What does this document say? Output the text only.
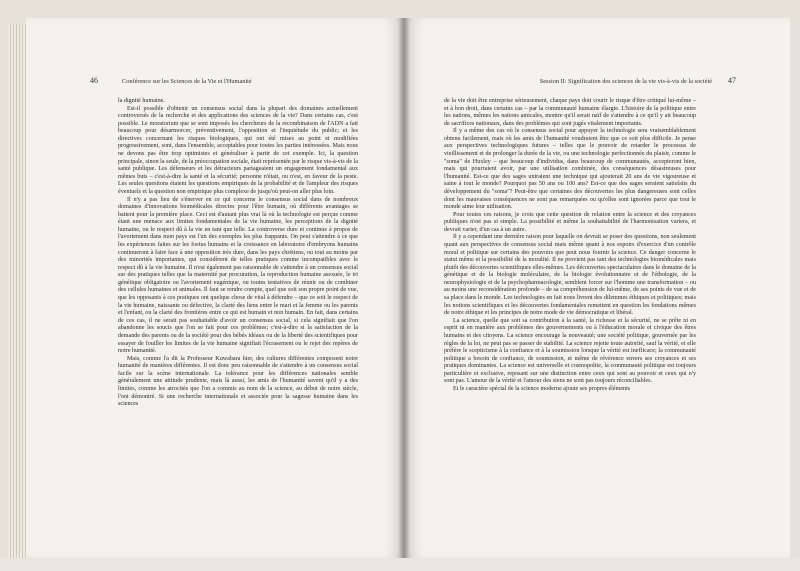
46	Conférence sur les Sciences de la Vie et l'Humanité

la dignité humaine.

Est-il possible d'obtenir un consensus social dans la plupart des domaines actuellement controversés de la recherche et des applications des sciences de la vie? Dans certains cas, c'est possible. Le moratorium que se sont imposés les chercheurs de la recombinaison de l'ADN a fait beaucoup pour désarmorcer, préventivement, l'opposition et l'inquiétude du public; et les directives concernant les risques biologiques, qui ont été mises au point et modifiées progressivement, sont, dans l'ensemble, acceptables pour toutes les parties intéressées. Mais nous ne devons pas être trop optimistes et généraliser à partir de cet exemple. Ici, la question principale, sinon la seule, de la préoccupation sociale, était représentée par le risque vis-à-vis de la santé publique. Les défenseurs et les détracteurs partageaient un engagement fondamental aux mêmes buts – c'est-à-dire la santé et la sécurité; personne n'était, ou n'est, en faveur de la peste. Les seules questions étaient les questions empiriques de la probabilité et de l'ampleur des risques éventuels et la question non empirique plus complexe de jusqu'où peut-on aller plus loin.

Il n'y a pas lieu de s'énerver en ce qui concerne le consensus social dans de nombreux domaines d'innovations biomédicales directes pour l'être humain, où différents avantages se battent pour la première place. Ceci est d'autant plus vrai là où la technologie est perçue comme étant une menace aux limites fondamentales de la vie humaine, les perceptions de la dignité humaine, ou le respect dû à la vie en tant que telle. La controverse dure et continue à propos de l'avortement dans mon pays est l'un des exemples les plus frappants. On peut s'attendre à ce que les expériences faites sur les foetus humains et la croissance en laboratoire d'embryons humains continueront à faire face à une opposition très dure, dans les pays chrétiens, ou tout au moins par des minorités importantes, qui considèrent de telles pratiques comme incompatibles avec le respect dû à la vie humaine. Il n'est également pas raisonnable de s'attendre à un consensus social sur des pratiques telles que la maternité par procuration, la reproduction humaine asexuée, le tri génétique obligatoire ou l'avortement eugénique, ou toutes tentatives de réunir ou de combiner des cellules humaines et animales. Il faut se rendre compte, quel que soit son propre point de vue, que les opposants à ces pratiques ont quelque chose de vital à défendre – que ce soit le respect de la vie humaine, naissante ou défective, la clarté des liens entre le mari et la femme ou les parents et l'enfant, ou la clarté des frontières entre ce qui est humain et non humain. En fait, dans certains de ces cas, il ne serait pas souhaitable d'avoir un consensus social, si cela signifiait que l'on abandonne les soucis que l'on se fait pour ces problèmes; c'est-à-dire si la satisfaction de la demande des parents ou de la société pour des bébés idéaux ou de la liberté des scientifiques pour essayer de fouiller les limites de la vie humaine signifiait l'écrasement ou le rejet des repères de notre humanité.

Mais, comme l'a dit la Professeur Kuwabara hier, des cultures différentes composent notre humanité de manières différentes. Il est donc peu raisonnable de s'attendre à un consensus social facile sur la scène internationale. La tolérance pour les différences nationales semble généralement une attitude prudente, mais là aussi, les amis de l'humanité savent qu'il y a des limites, comme les atrocités que l'on a commis au nom de la science, au début de notre siècle, l'ont démontré. Si une recherche internationale et associée pour la sagesse humaine dans les sciences

Session II: Signification des sciences de la vie vis-à-vis de la société 47

de la vie doit être entreprise sérieusement, chaque pays doit courir le risque d'être critiqué lui-même – et à bon droit, dans certains cas – par la communauté humaine élargie. L'histoire de la politique entre les nations, mêmes les nations amicales, montre qu'il serait naïf de s'attendre à ce qu'il y ait beaucoup de sacrifices nationaux, dans des problèmes qui sont jugés vitalement importants.

Il y a même des cas où le consensus social pour appuyer la technologie sera vraisemblablement obtenu facilement, mais où les amis de l'humanité voudraient être que ce soit plus difficile. Je pense aux perspectives technologiques futures – telles que le pouvoir de retarder le processus de vieillissement et de prolonger la durée de la vie, ou une technologie perfectionnée du plaisir, comme le "soma" de Huxley – que beaucoup d'individus, dans beaucoup de communautés, accepteront bien, mais qui pourraient avoir, par une utilisation combinée, des conséquences désastreuses pour l'humanité. Est-ce que des sages uniraient une technique qui ajouterait 20 ans de vie vigoureuse et saine à tout le monde? Pourquoi pas 50 ans ou 100 ans? Est-ce que des sages seraient satisfaits du développement du "soma"? Peut-être que certaines des découvertes les plus dangereuses sont celles dont les mauvaises conséquences ne sont pas remarquées ou qu'elles sont ignorées parce que tout le monde aime leur utilisation.

Pour toutes ces raisons, je crois que cette question de relation entre la science et des croyances publiques n'est pas si simple. La possibilité et même la souhaitabilité de l'harmonisation variera, et devrait varier, d'un cas à un autre.

Il y a cependant une dernière raison pour laquelle on devrait se poser des questions, non seulement quant aux perspectives de consensus social mais même quant à nos espoirs d'exercice d'un contrôle moral et politique sur certains des pouvoirs que peut nous fournir la science. Ce danger concerne le statut même et la possibilité de la moralité. Il ne provient pas tant des technologies biomédicales mais plutôt des découvertes scientifiques elles-mêmes. Les découvertes spectaculaires dans le domaine de la génétique et de la biologie moléculaire, de la biologie évolutionnaire et de l'éthologie, de la neurophysiologie et de la psychopharmacologie, semblent forcer sur l'homme une transformation – ou au moins une reconsidération profonde – de sa compréhension de lui-même, de ses points de vue et de sa place dans le monde. Les technologies en fait nous livrent des dilemmes éthiques et politiques; mais les notions scientifiques et les découvertes fondamentales remettent en question les fondations mêmes de notre éthique et les principes de notre mode de vie démocratique et libéral.

La science, quelle que soit sa contribution à la santé, la richesse et la sécurité, ne se prête ni en esprit ni en manière aux problèmes des gouvernements ou à l'éducation morale et civique des êtres humains et des citoyens. La science encourage la nouveauté; une société politique, gouvernée par les règles de la loi, ne peut pas se passer de stabilité. La science rejette toute autorité, sauf la vérité, et elle préfère le scepticisme à la confiance et à la soumission lorsque la vérité est inefficace; la communauté politique a besoin de confiance, de soumission, et même de révérence envers ses croyances et ses pratiques dominantes. La science est universelle et cosmopolite, la communauté politique est toujours particulière et exclusive, reposant sur une distinction entre ceux qui sont au pouvoir et ceux qui n'y sont pas. L'amour de la vérité et l'amour des siens ne sont pas toujours réconciliables.

Et le caractère spécial de la science moderne ajoute ses propres éléments
